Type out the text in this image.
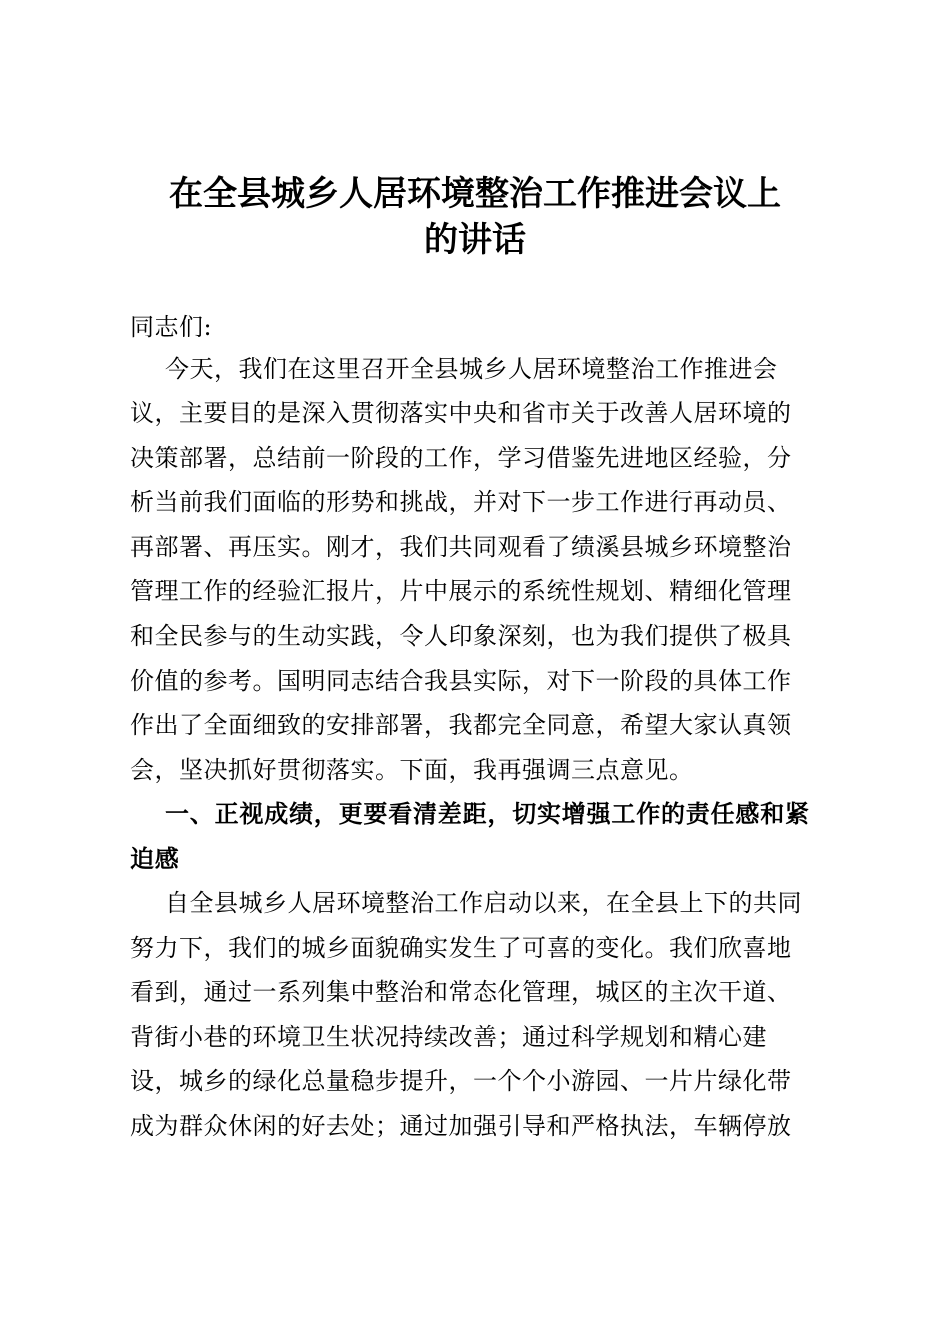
在全县城乡人居环境整治工作推进会议上
的讲话
同志们:
今天，我们在这里召开全县城乡人居环境整治工作推进会
议，主要目的是深入贯彻落实中央和省市关于改善人居环境的
决策部署，总结前一阶段的工作，学习借鉴先进地区经验，分
析当前我们面临的形势和挑战，并对下一步工作进行再动员、
再部署、再压实。刚才，我们共同观看了绩溪县城乡环境整治
管理工作的经验汇报片，片中展示的系统性规划、精细化管理
和全民参与的生动实践，令人印象深刻，也为我们提供了极具
价值的参考。国明同志结合我县实际，对下一阶段的具体工作
作出了全面细致的安排部署，我都完全同意，希望大家认真领
会，坚决抓好贯彻落实。下面，我再强调三点意见。
一、正视成绩，更要看清差距，切实增强工作的责任感和紧
迫感
自全县城乡人居环境整治工作启动以来，在全县上下的共同
努力下，我们的城乡面貌确实发生了可喜的变化。我们欣喜地
看到，通过一系列集中整治和常态化管理，城区的主次干道、
背街小巷的环境卫生状况持续改善；通过科学规划和精心建
设，城乡的绿化总量稳步提升，一个个小游园、一片片绿化带
成为群众休闲的好去处；通过加强引导和严格执法，车辆停放
